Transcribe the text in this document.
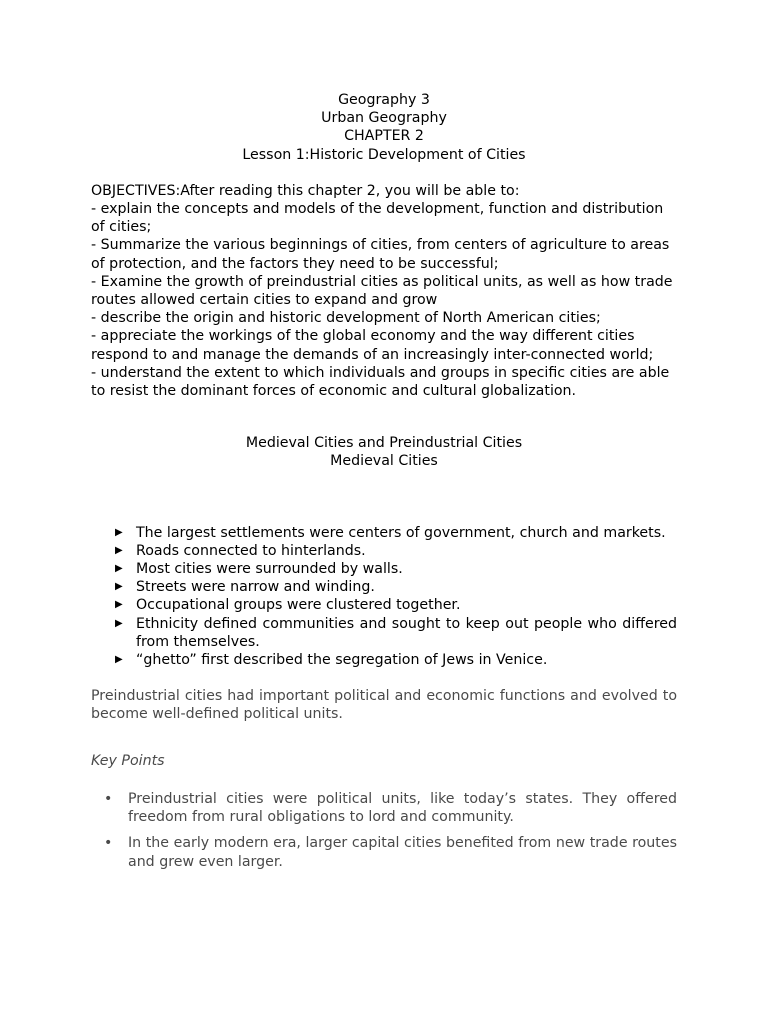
Geography 3
Urban Geography
CHAPTER 2
Lesson 1:Historic Development of Cities

OBJECTIVES:After reading this chapter 2, you will be able to:

- explain the concepts and models of the development, function and distribution of cities;

- Summarize the various beginnings of cities, from centers of agriculture to areas of protection, and the factors they need to be successful;

- Examine the growth of preindustrial cities as political units, as well as how trade routes allowed certain cities to expand and grow

- describe the origin and historic development of North American cities;

- appreciate the workings of the global economy and the way different cities respond to and manage the demands of an increasingly inter-connected world;

- understand the extent to which individuals and groups in specific cities are able to resist the dominant forces of economic and cultural globalization.

Medieval Cities and Preindustrial Cities
Medieval Cities
▶ The largest settlements were centers of government, church and markets.
▶ Roads connected to hinterlands.
▶ Most cities were surrounded by walls.
▶ Streets were narrow and winding.
▶ Occupational groups were clustered together.
▶ Ethnicity defined communities and sought to keep out people who differed from themselves.
▶ “ghetto” first described the segregation of Jews in Venice.
Preindustrial cities had important political and economic functions and evolved to become well-defined political units.
Key Points
• Preindustrial cities were political units, like today’s states. They offered freedom from rural obligations to lord and community.
• In the early modern era, larger capital cities benefited from new trade routes and grew even larger.
